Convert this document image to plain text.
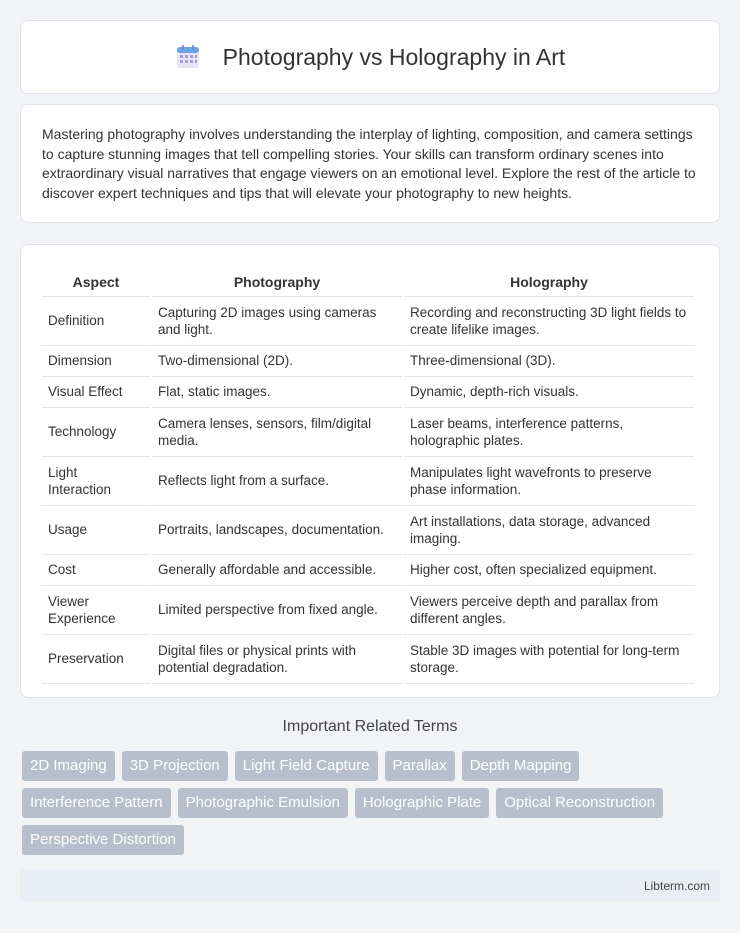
Photography vs Holography in Art
Mastering photography involves understanding the interplay of lighting, composition, and camera settings to capture stunning images that tell compelling stories. Your skills can transform ordinary scenes into extraordinary visual narratives that engage viewers on an emotional level. Explore the rest of the article to discover expert techniques and tips that will elevate your photography to new heights.
Aspect	Photography	Holography
Definition	Capturing 2D images using cameras and light.	Recording and reconstructing 3D light fields to create lifelike images.
Dimension	Two-dimensional (2D).	Three-dimensional (3D).
Visual Effect	Flat, static images.	Dynamic, depth-rich visuals.
Technology	Camera lenses, sensors, film/digital media.	Laser beams, interference patterns, holographic plates.
Light Interaction	Reflects light from a surface.	Manipulates light wavefronts to preserve phase information.
Usage	Portraits, landscapes, documentation.	Art installations, data storage, advanced imaging.
Cost	Generally affordable and accessible.	Higher cost, often specialized equipment.
Viewer Experience	Limited perspective from fixed angle.	Viewers perceive depth and parallax from different angles.
Preservation	Digital files or physical prints with potential degradation.	Stable 3D images with potential for long-term storage.
Important Related Terms
2D Imaging	3D Projection	Light Field Capture	Parallax	Depth Mapping
Interference Pattern	Photographic Emulsion	Holographic Plate	Optical Reconstruction
Perspective Distortion
Libterm.com
